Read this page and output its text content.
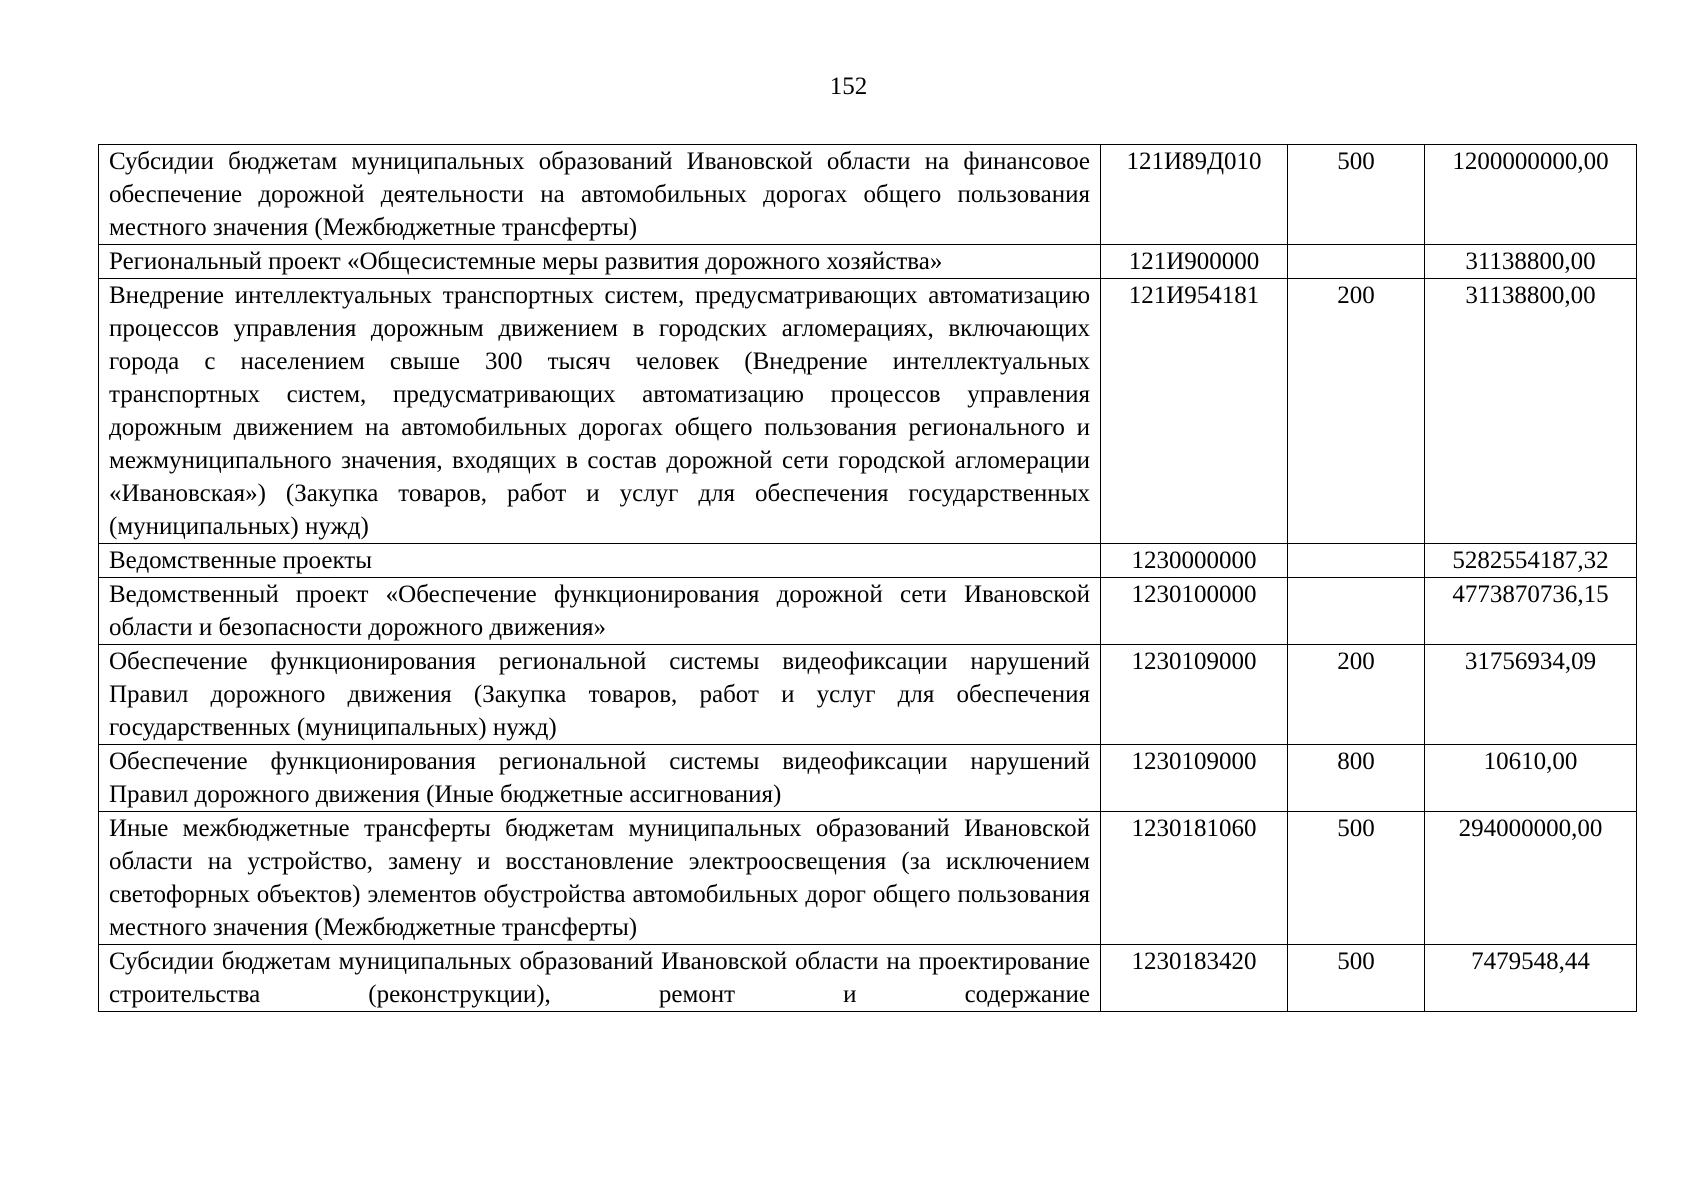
152
Субсидии бюджетам муниципальных образований Ивановской области на финансовое обеспечение дорожной деятельности на автомобильных дорогах общего пользования местного значения (Межбюджетные трансферты)	121И89Д010	500	1200000000,00
Региональный проект «Общесистемные меры развития дорожного хозяйства»	121И900000		31138800,00
Внедрение интеллектуальных транспортных систем, предусматривающих автоматизацию процессов управления дорожным движением в городских агломерациях, включающих города с населением свыше 300 тысяч человек (Внедрение интеллектуальных транспортных систем, предусматривающих автоматизацию процессов управления дорожным движением на автомобильных дорогах общего пользования регионального и межмуниципального значения, входящих в состав дорожной сети городской агломерации «Ивановская») (Закупка товаров, работ и услуг для обеспечения государственных (муниципальных) нужд)	121И954181	200	31138800,00
Ведомственные проекты	1230000000		5282554187,32
Ведомственный проект «Обеспечение функционирования дорожной сети Ивановской области и безопасности дорожного движения»	1230100000		4773870736,15
Обеспечение функционирования региональной системы видеофиксации нарушений Правил дорожного движения (Закупка товаров, работ и услуг для обеспечения государственных (муниципальных) нужд)	1230109000	200	31756934,09
Обеспечение функционирования региональной системы видеофиксации нарушений Правил дорожного движения (Иные бюджетные ассигнования)	1230109000	800	10610,00
Иные межбюджетные трансферты бюджетам муниципальных образований Ивановской области на устройство, замену и восстановление электроосвещения (за исключением светофорных объектов) элементов обустройства автомобильных дорог общего пользования местного значения (Межбюджетные трансферты)	1230181060	500	294000000,00
Субсидии бюджетам муниципальных образований Ивановской области на проектирование строительства (реконструкции), ремонт и содержание	1230183420	500	7479548,44
